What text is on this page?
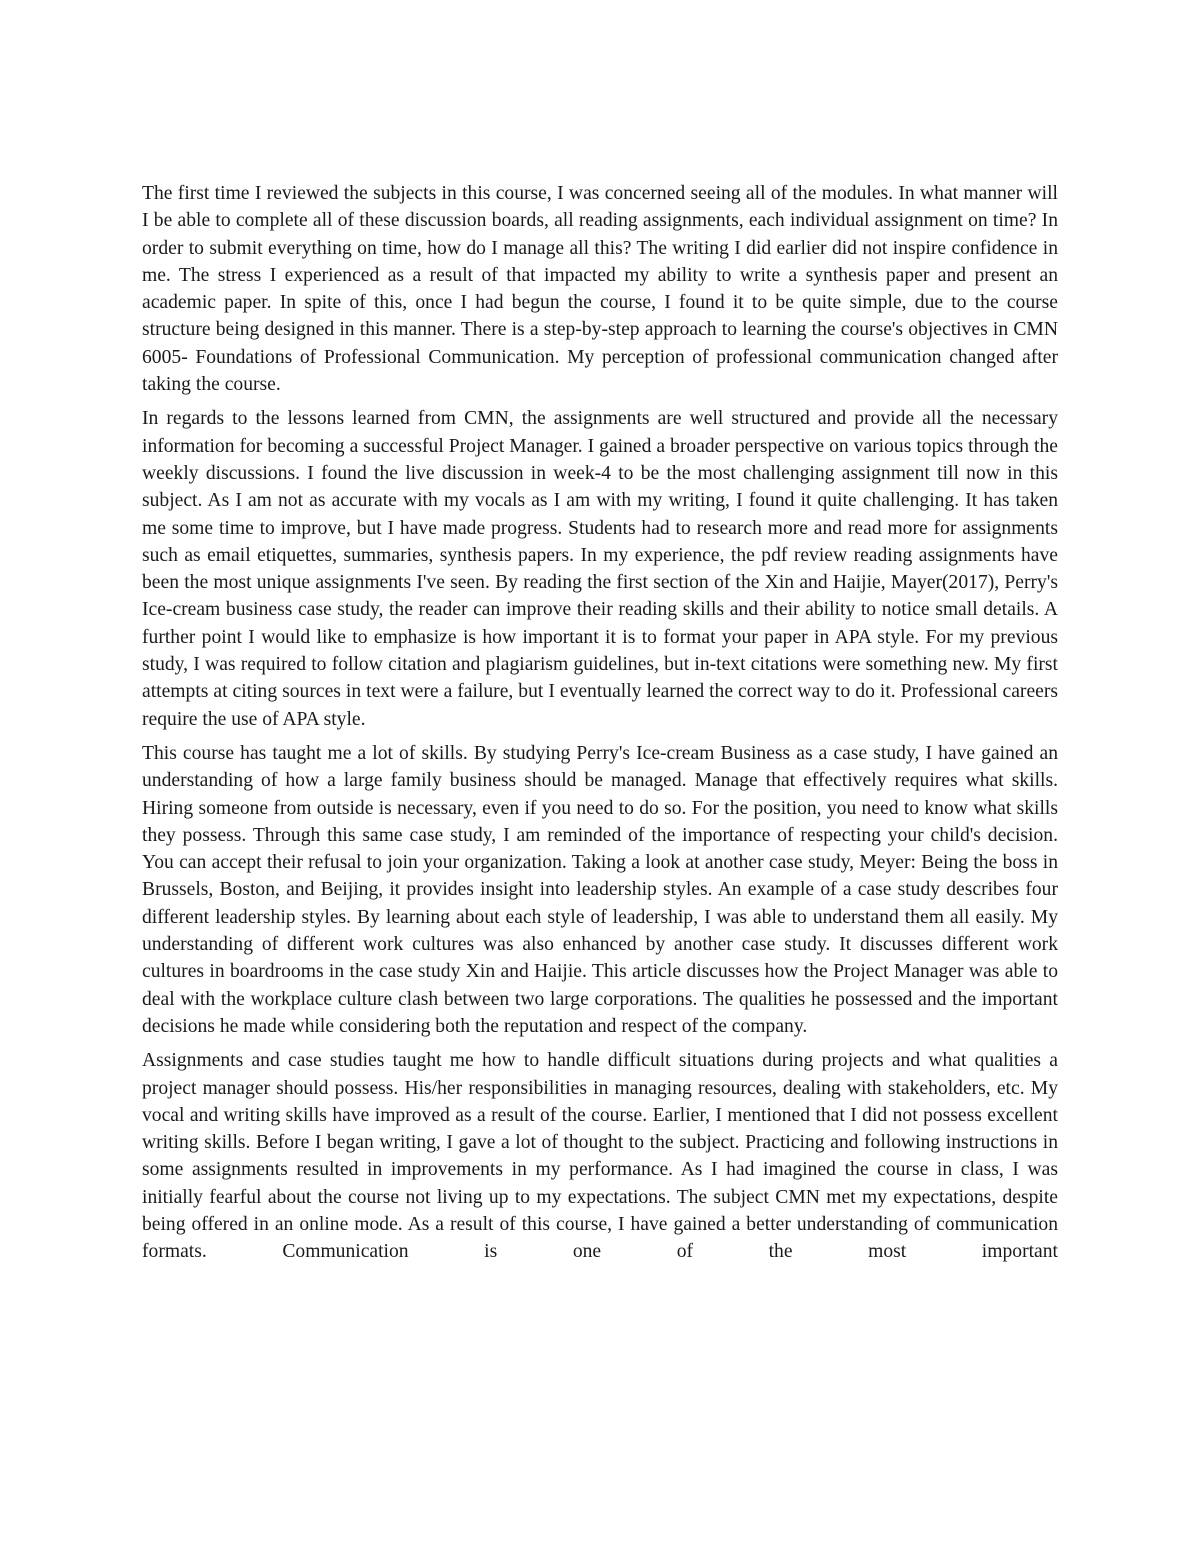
The first time I reviewed the subjects in this course, I was concerned seeing all of the modules. In what manner will I be able to complete all of these discussion boards, all reading assignments, each individual assignment on time? In order to submit everything on time, how do I manage all this? The writing I did earlier did not inspire confidence in me. The stress I experienced as a result of that impacted my ability to write a synthesis paper and present an academic paper. In spite of this, once I had begun the course, I found it to be quite simple, due to the course structure being designed in this manner. There is a step-by-step approach to learning the course's objectives in CMN 6005- Foundations of Professional Communication. My perception of professional communication changed after taking the course.

In regards to the lessons learned from CMN, the assignments are well structured and provide all the necessary information for becoming a successful Project Manager. I gained a broader perspective on various topics through the weekly discussions. I found the live discussion in week-4 to be the most challenging assignment till now in this subject. As I am not as accurate with my vocals as I am with my writing, I found it quite challenging. It has taken me some time to improve, but I have made progress. Students had to research more and read more for assignments such as email etiquettes, summaries, synthesis papers. In my experience, the pdf review reading assignments have been the most unique assignments I've seen. By reading the first section of the Xin and Haijie, Mayer(2017), Perry's Ice-cream business case study, the reader can improve their reading skills and their ability to notice small details. A further point I would like to emphasize is how important it is to format your paper in APA style. For my previous study, I was required to follow citation and plagiarism guidelines, but in-text citations were something new. My first attempts at citing sources in text were a failure, but I eventually learned the correct way to do it. Professional careers require the use of APA style.

This course has taught me a lot of skills. By studying Perry's Ice-cream Business as a case study, I have gained an understanding of how a large family business should be managed. Manage that effectively requires what skills. Hiring someone from outside is necessary, even if you need to do so. For the position, you need to know what skills they possess. Through this same case study, I am reminded of the importance of respecting your child's decision. You can accept their refusal to join your organization. Taking a look at another case study, Meyer: Being the boss in Brussels, Boston, and Beijing, it provides insight into leadership styles. An example of a case study describes four different leadership styles. By learning about each style of leadership, I was able to understand them all easily. My understanding of different work cultures was also enhanced by another case study. It discusses different work cultures in boardrooms in the case study Xin and Haijie. This article discusses how the Project Manager was able to deal with the workplace culture clash between two large corporations. The qualities he possessed and the important decisions he made while considering both the reputation and respect of the company.

Assignments and case studies taught me how to handle difficult situations during projects and what qualities a project manager should possess. His/her responsibilities in managing resources, dealing with stakeholders, etc. My vocal and writing skills have improved as a result of the course. Earlier, I mentioned that I did not possess excellent writing skills. Before I began writing, I gave a lot of thought to the subject. Practicing and following instructions in some assignments resulted in improvements in my performance. As I had imagined the course in class, I was initially fearful about the course not living up to my expectations. The subject CMN met my expectations, despite being offered in an online mode. As a result of this course, I have gained a better understanding of communication formats. Communication is one of the most important
